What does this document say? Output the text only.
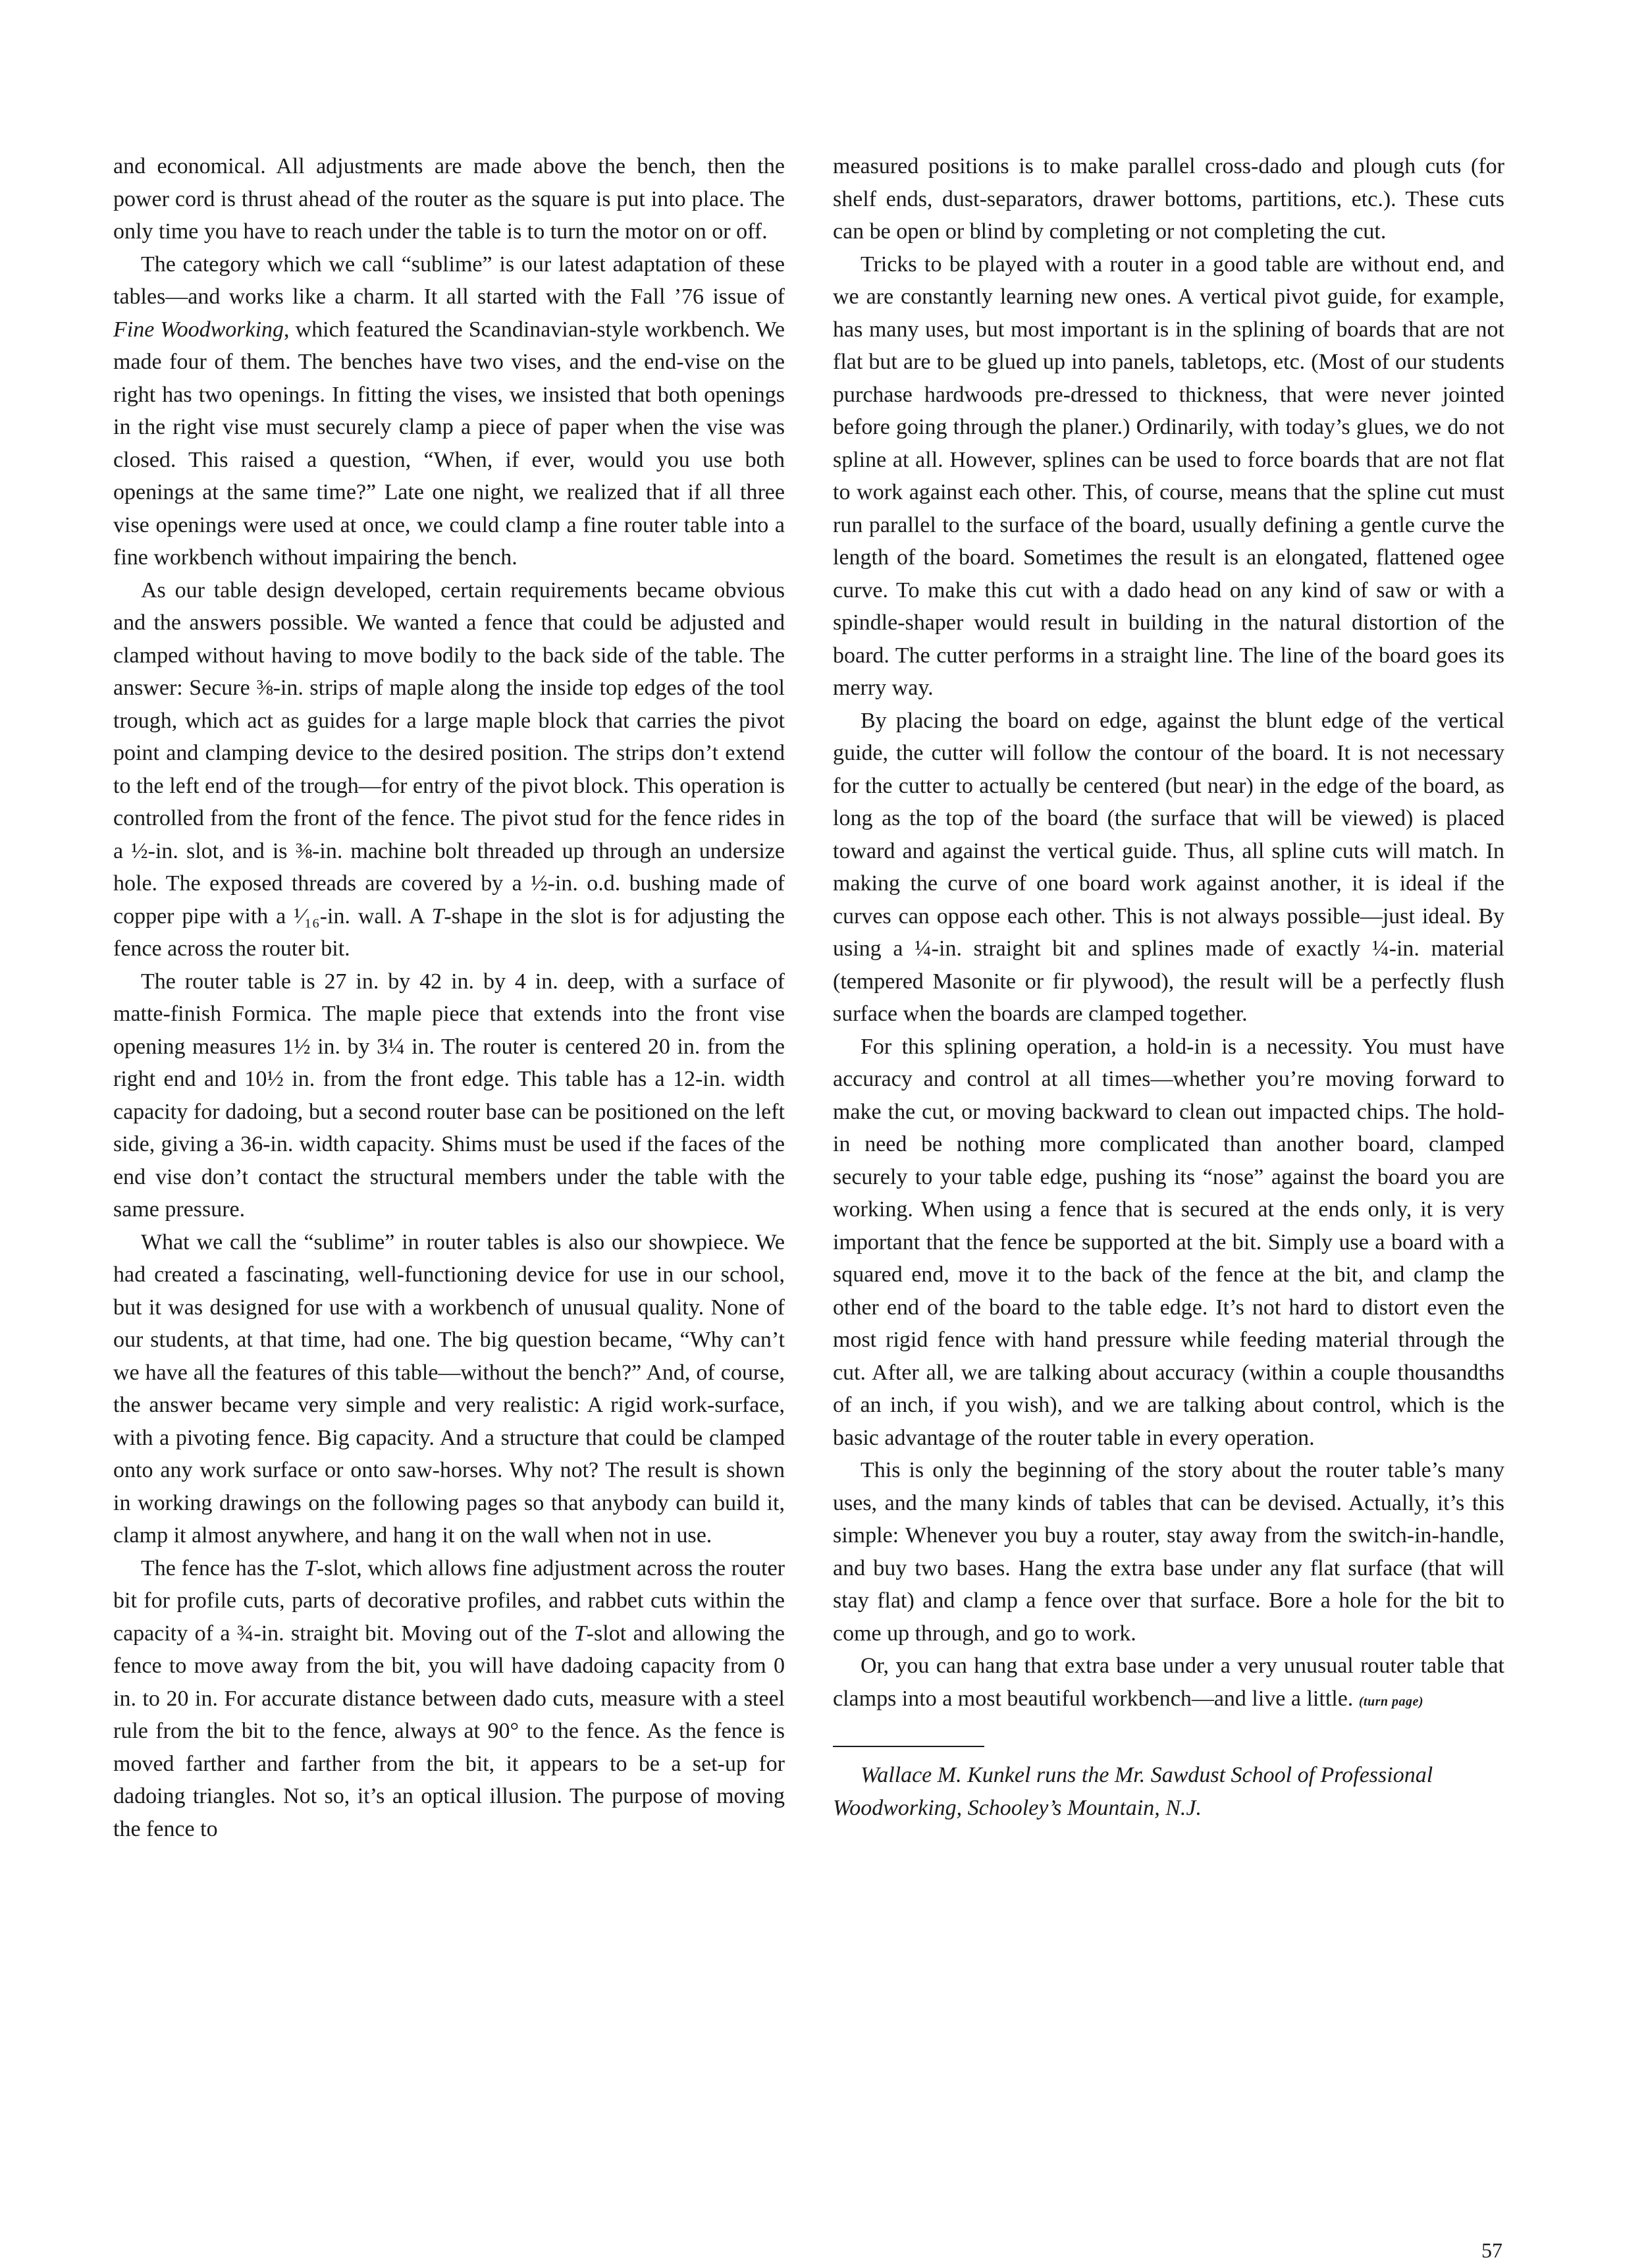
and economical. All adjustments are made above the bench, then the power cord is thrust ahead of the router as the square is put into place. The only time you have to reach under the table is to turn the motor on or off.

The category which we call “sublime” is our latest adaptation of these tables—and works like a charm. It all started with the Fall ’76 issue of Fine Woodworking, which featured the Scandinavian-style workbench. We made four of them. The benches have two vises, and the end-vise on the right has two openings. In fitting the vises, we insisted that both openings in the right vise must securely clamp a piece of paper when the vise was closed. This raised a question, “When, if ever, would you use both openings at the same time?” Late one night, we realized that if all three vise openings were used at once, we could clamp a fine router table into a fine workbench without impairing the bench.

As our table design developed, certain requirements became obvious and the answers possible. We wanted a fence that could be adjusted and clamped without having to move bodily to the back side of the table. The answer: Secure ⅜-in. strips of maple along the inside top edges of the tool trough, which act as guides for a large maple block that carries the pivot point and clamping device to the desired position. The strips don’t extend to the left end of the trough—for entry of the pivot block. This operation is controlled from the front of the fence. The pivot stud for the fence rides in a ½-in. slot, and is ⅜-in. machine bolt threaded up through an undersize hole. The exposed threads are covered by a ½-in. o.d. bushing made of copper pipe with a ¹⁄₁₆-in. wall. A T-shape in the slot is for adjusting the fence across the router bit.

The router table is 27 in. by 42 in. by 4 in. deep, with a surface of matte-finish Formica. The maple piece that extends into the front vise opening measures 1½ in. by 3¼ in. The router is centered 20 in. from the right end and 10½ in. from the front edge. This table has a 12-in. width capacity for dadoing, but a second router base can be positioned on the left side, giving a 36-in. width capacity. Shims must be used if the faces of the end vise don’t contact the structural members under the table with the same pressure.

What we call the “sublime” in router tables is also our showpiece. We had created a fascinating, well-functioning device for use in our school, but it was designed for use with a workbench of unusual quality. None of our students, at that time, had one. The big question became, “Why can’t we have all the features of this table—without the bench?” And, of course, the answer became very simple and very realistic: A rigid work-surface, with a pivoting fence. Big capacity. And a structure that could be clamped onto any work surface or onto saw-horses. Why not? The result is shown in working drawings on the following pages so that anybody can build it, clamp it almost anywhere, and hang it on the wall when not in use.

The fence has the T-slot, which allows fine adjustment across the router bit for profile cuts, parts of decorative profiles, and rabbet cuts within the capacity of a ¾-in. straight bit. Moving out of the T-slot and allowing the fence to move away from the bit, you will have dadoing capacity from 0 in. to 20 in. For accurate distance between dado cuts, measure with a steel rule from the bit to the fence, always at 90° to the fence. As the fence is moved farther and farther from the bit, it appears to be a set-up for dadoing triangles. Not so, it’s an optical illusion. The purpose of moving the fence to

measured positions is to make parallel cross-dado and plough cuts (for shelf ends, dust-separators, drawer bottoms, partitions, etc.). These cuts can be open or blind by completing or not completing the cut.

Tricks to be played with a router in a good table are without end, and we are constantly learning new ones. A vertical pivot guide, for example, has many uses, but most important is in the splining of boards that are not flat but are to be glued up into panels, tabletops, etc. (Most of our students purchase hardwoods pre-dressed to thickness, that were never jointed before going through the planer.) Ordinarily, with today’s glues, we do not spline at all. However, splines can be used to force boards that are not flat to work against each other. This, of course, means that the spline cut must run parallel to the surface of the board, usually defining a gentle curve the length of the board. Sometimes the result is an elongated, flattened ogee curve. To make this cut with a dado head on any kind of saw or with a spindle-shaper would result in building in the natural distortion of the board. The cutter performs in a straight line. The line of the board goes its merry way.

By placing the board on edge, against the blunt edge of the vertical guide, the cutter will follow the contour of the board. It is not necessary for the cutter to actually be centered (but near) in the edge of the board, as long as the top of the board (the surface that will be viewed) is placed toward and against the vertical guide. Thus, all spline cuts will match. In making the curve of one board work against another, it is ideal if the curves can oppose each other. This is not always possible—just ideal. By using a ¼-in. straight bit and splines made of exactly ¼-in. material (tempered Masonite or fir plywood), the result will be a perfectly flush surface when the boards are clamped together.

For this splining operation, a hold-in is a necessity. You must have accuracy and control at all times—whether you’re moving forward to make the cut, or moving backward to clean out impacted chips. The hold-in need be nothing more complicated than another board, clamped securely to your table edge, pushing its “nose” against the board you are working. When using a fence that is secured at the ends only, it is very important that the fence be supported at the bit. Simply use a board with a squared end, move it to the back of the fence at the bit, and clamp the other end of the board to the table edge. It’s not hard to distort even the most rigid fence with hand pressure while feeding material through the cut. After all, we are talking about accuracy (within a couple thousandths of an inch, if you wish), and we are talking about control, which is the basic advantage of the router table in every operation.

This is only the beginning of the story about the router table’s many uses, and the many kinds of tables that can be devised. Actually, it’s this simple: Whenever you buy a router, stay away from the switch-in-handle, and buy two bases. Hang the extra base under any flat surface (that will stay flat) and clamp a fence over that surface. Bore a hole for the bit to come up through, and go to work.

Or, you can hang that extra base under a very unusual router table that clamps into a most beautiful workbench—and live a little. (turn page)

Wallace M. Kunkel runs the Mr. Sawdust School of Professional Woodworking, Schooley’s Mountain, N.J.

57
